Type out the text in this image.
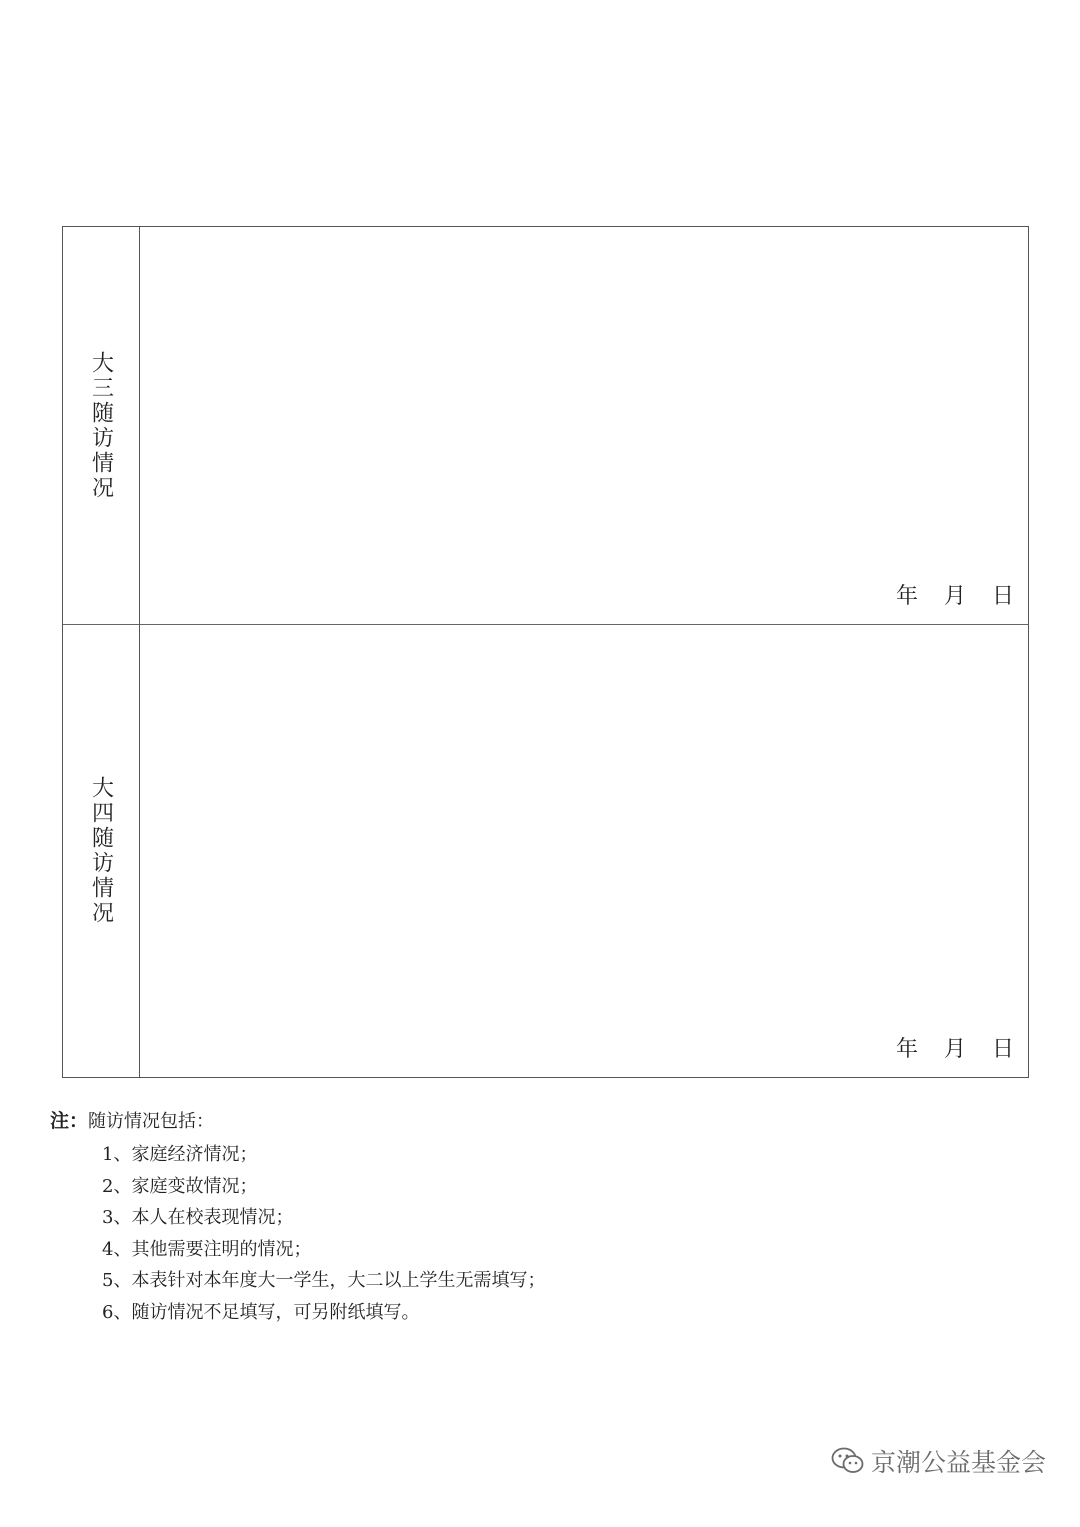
大三随访情况
年 月 日
大四随访情况
年 月 日
注： 随访情况包括：
1、家庭经济情况；
2、家庭变故情况；
3、本人在校表现情况；
4、其他需要注明的情况；
5、本表针对本年度大一学生，大二以上学生无需填写；
6、随访情况不足填写，可另附纸填写。
京潮公益基金会
